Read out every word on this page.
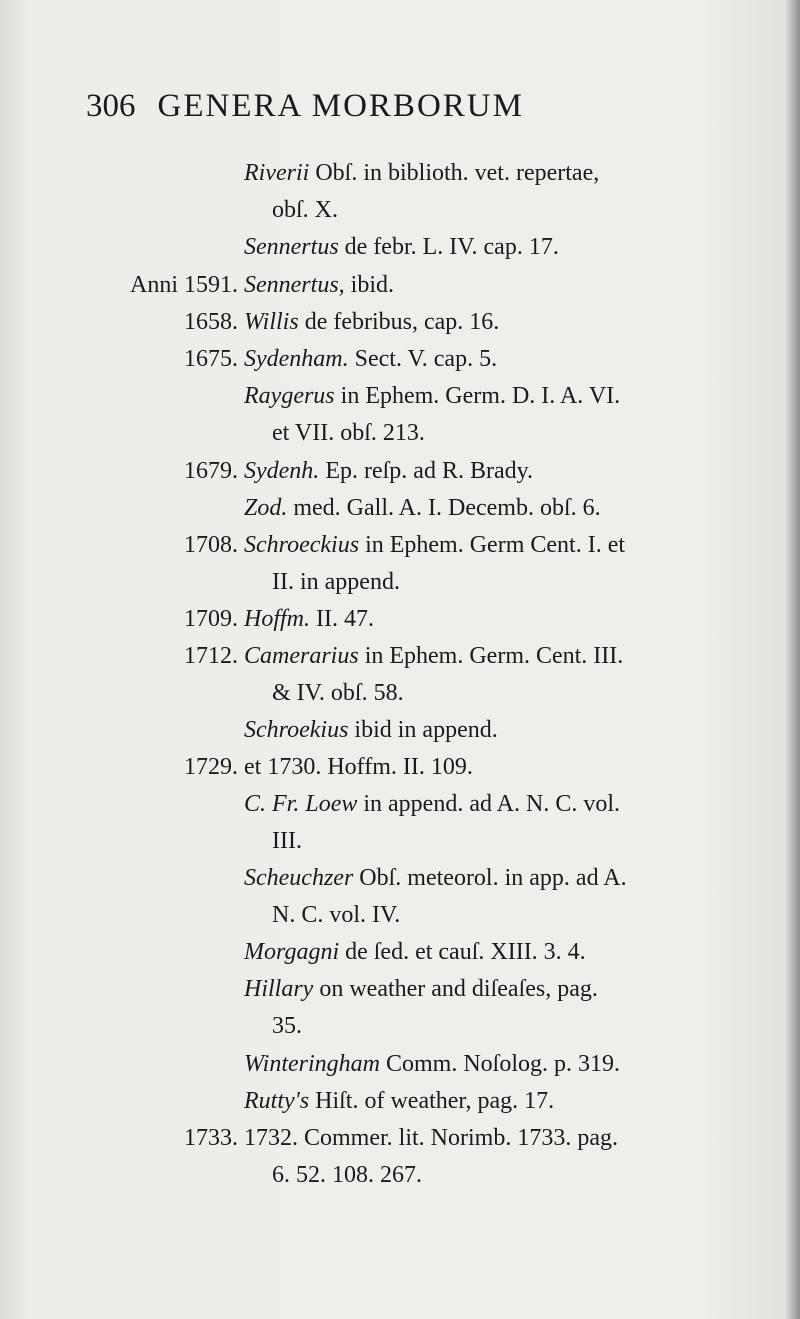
306 GENERA MORBORUM
Riverii Obſ. in biblioth. vet. repertae,
obſ. X.
Sennertus de febr. L. IV. cap. 17.
Anni 1591. Sennertus, ibid.
1658. Willis de febribus, cap. 16.
1675. Sydenham. Sect. V. cap. 5.
Raygerus in Ephem. Germ. D. I. A. VI.
et VII. obſ. 213.
1679. Sydenh. Ep. reſp. ad R. Brady.
Zod. med. Gall. A. I. Decemb. obſ. 6.
1708. Schroeckius in Ephem. Germ Cent. I. et
II. in append.
1709. Hoffm. II. 47.
1712. Camerarius in Ephem. Germ. Cent. III.
& IV. obſ. 58.
Schroekius ibid in append.
1729. et 1730. Hoffm. II. 109.
C. Fr. Loew in append. ad A. N. C. vol.
III.
Scheuchzer Obſ. meteorol. in app. ad A.
N. C. vol. IV.
Morgagni de ſed. et cauſ. XIII. 3. 4.
Hillary on weather and diſeaſes, pag.
35.
Winteringham Comm. Noſolog. p. 319.
Rutty's Hiſt. of weather, pag. 17.
1733. 1732. Commer. lit. Norimb. 1733. pag.
6. 52. 108. 267.
